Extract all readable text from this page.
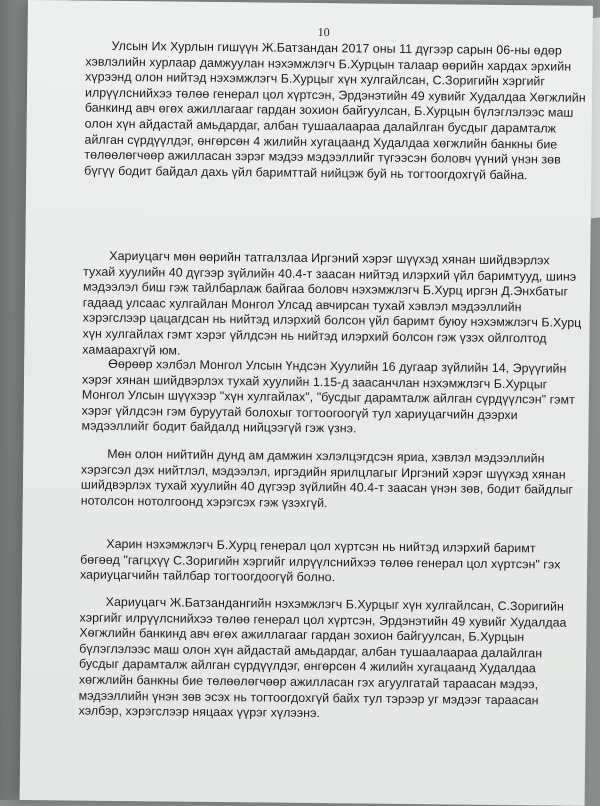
10
Улсын Их Хурлын гишүүн Ж.Батзандан 2017 оны 11 дүгээр сарын 06-ны өдөр
хэвлэлийн хурлаар дамжуулан нэхэмжлэгч Б.Хурцын талаар өөрийн хардах эрхийн
хүрээнд олон нийтэд нэхэмжлэгч Б.Хурцыг хүн хулгайлсан, С.Зоригийн хэргийг
илрүүлснийхээ төлөө генерал цол хүртсэн, Эрдэнэтийн 49 хувийг Худалдаа Хөгжлийн
банкинд авч өгөх ажиллагааг гардан зохион байгуулсан, Б.Хурцын бүлэглэлээс маш
олон хүн айдастай амьдардаг, албан тушаалаараа далайлган бусдыг дарамталж
айлган сүрдүүлдэг, өнгөрсөн 4 жилийн хугацаанд Худалдаа хөгжлийн банкны бие
төлөөлөгчөөр ажилласан зэрэг мэдээ мэдээллийг түгээсэн боловч үүний үнэн зөв
бүгүү бодит байдал дахь үйл баримттай нийцэж буй нь тогтоогдохгүй байна.
Хариуцагч мөн өөрийн татгалзлаа Иргэний хэрэг шүүхэд хянан шийдвэрлэх
тухай хуулийн 40 дүгээр зүйлийн 40.4-т заасан нийтэд илэрхий үйл баримтууд, шинэ
мэдээлэл биш гэж тайлбарлаж байгаа боловч нэхэмжлэгч Б.Хурц иргэн Д.Энхбатыг
гадаад улсаас хулгайлан Монгол Улсад авчирсан тухай хэвлэл мэдээллийн
хэрэгслээр цацагдсан нь нийтэд илэрхий болсон үйл баримт буюу нэхэмжлэгч Б.Хурц
хүн хулгайлах гэмт хэрэг үйлдсэн нь нийтэд илэрхий болсон гэж үзэх ойлголтод
хамаарахгүй юм.
Өөрөөр хэлбэл Монгол Улсын Үндсэн Хуулийн 16 дугаар зүйлийн 14, Эрүүгийн
хэрэг хянан шийдвэрлэх тухай хуулийн 1.15-д заасанчлан нэхэмжлэгч Б.Хурцыг
Монгол Улсын шүүхээр "хүн хулгайлах", "бусдыг дарамталж айлган сүрдүүлсэн" гэмт
хэрэг үйлдсэн гэм буруутай болохыг тогтоогоогүй тул хариуцагчийн дээрхи
мэдээллийг бодит байдалд нийцээгүй гэж үзнэ.
Мөн олон нийтийн дунд ам дамжин хэлэлцэгдсэн яриа, хэвлэл мэдээллийн
хэрэгсэл дэх нийтлэл, мэдээлэл, иргэдийн ярилцлагыг Иргэний хэрэг шүүхэд хянан
шийдвэрлэх тухай хуулийн 40 дүгээр зүйлийн 40.4-т заасан үнэн зөв, бодит байдлыг
нотолсон нотолгоонд хэрэгсэх гэж үзэхгүй.
Харин нэхэмжлэгч Б.Хурц генерал цол хүртсэн нь нийтэд илэрхий баримт
бөгөөд "гагцхүү С.Зоригийн хэргийг илрүүлснийхээ төлөө генерал цол хүртсэн" гэх
хариуцагчийн тайлбар тогтоогдоогүй болно.
Хариуцагч Ж.Батзандангийн нэхэмжлэгч Б.Хурцыг хүн хулгайлсан, С.Зоригийн
хэргийг илрүүлснийхээ төлөө генерал цол хүртсэн, Эрдэнэтийн 49 хувийг Худалдаа
Хөгжлийн банкинд авч өгөх ажиллагааг гардан зохион байгуулсан, Б.Хурцын
бүлэглэлээс маш олон хүн айдастай амьдардаг, албан тушаалаараа далайлган
бусдыг дарамталж айлган сүрдүүлдэг, өнгөрсөн 4 жилийн хугацаанд Худалдаа
хөгжлийн банкны бие төлөөлөгчөөр ажилласан гэх агуулгатай тараасан мэдээ,
мэдээллийн үнэн зөв эсэх нь тогтоогдохгүй байх тул тэрээр уг мэдээг тараасан
хэлбэр, хэрэгслээр няцаах үүрэг хүлээнэ.
